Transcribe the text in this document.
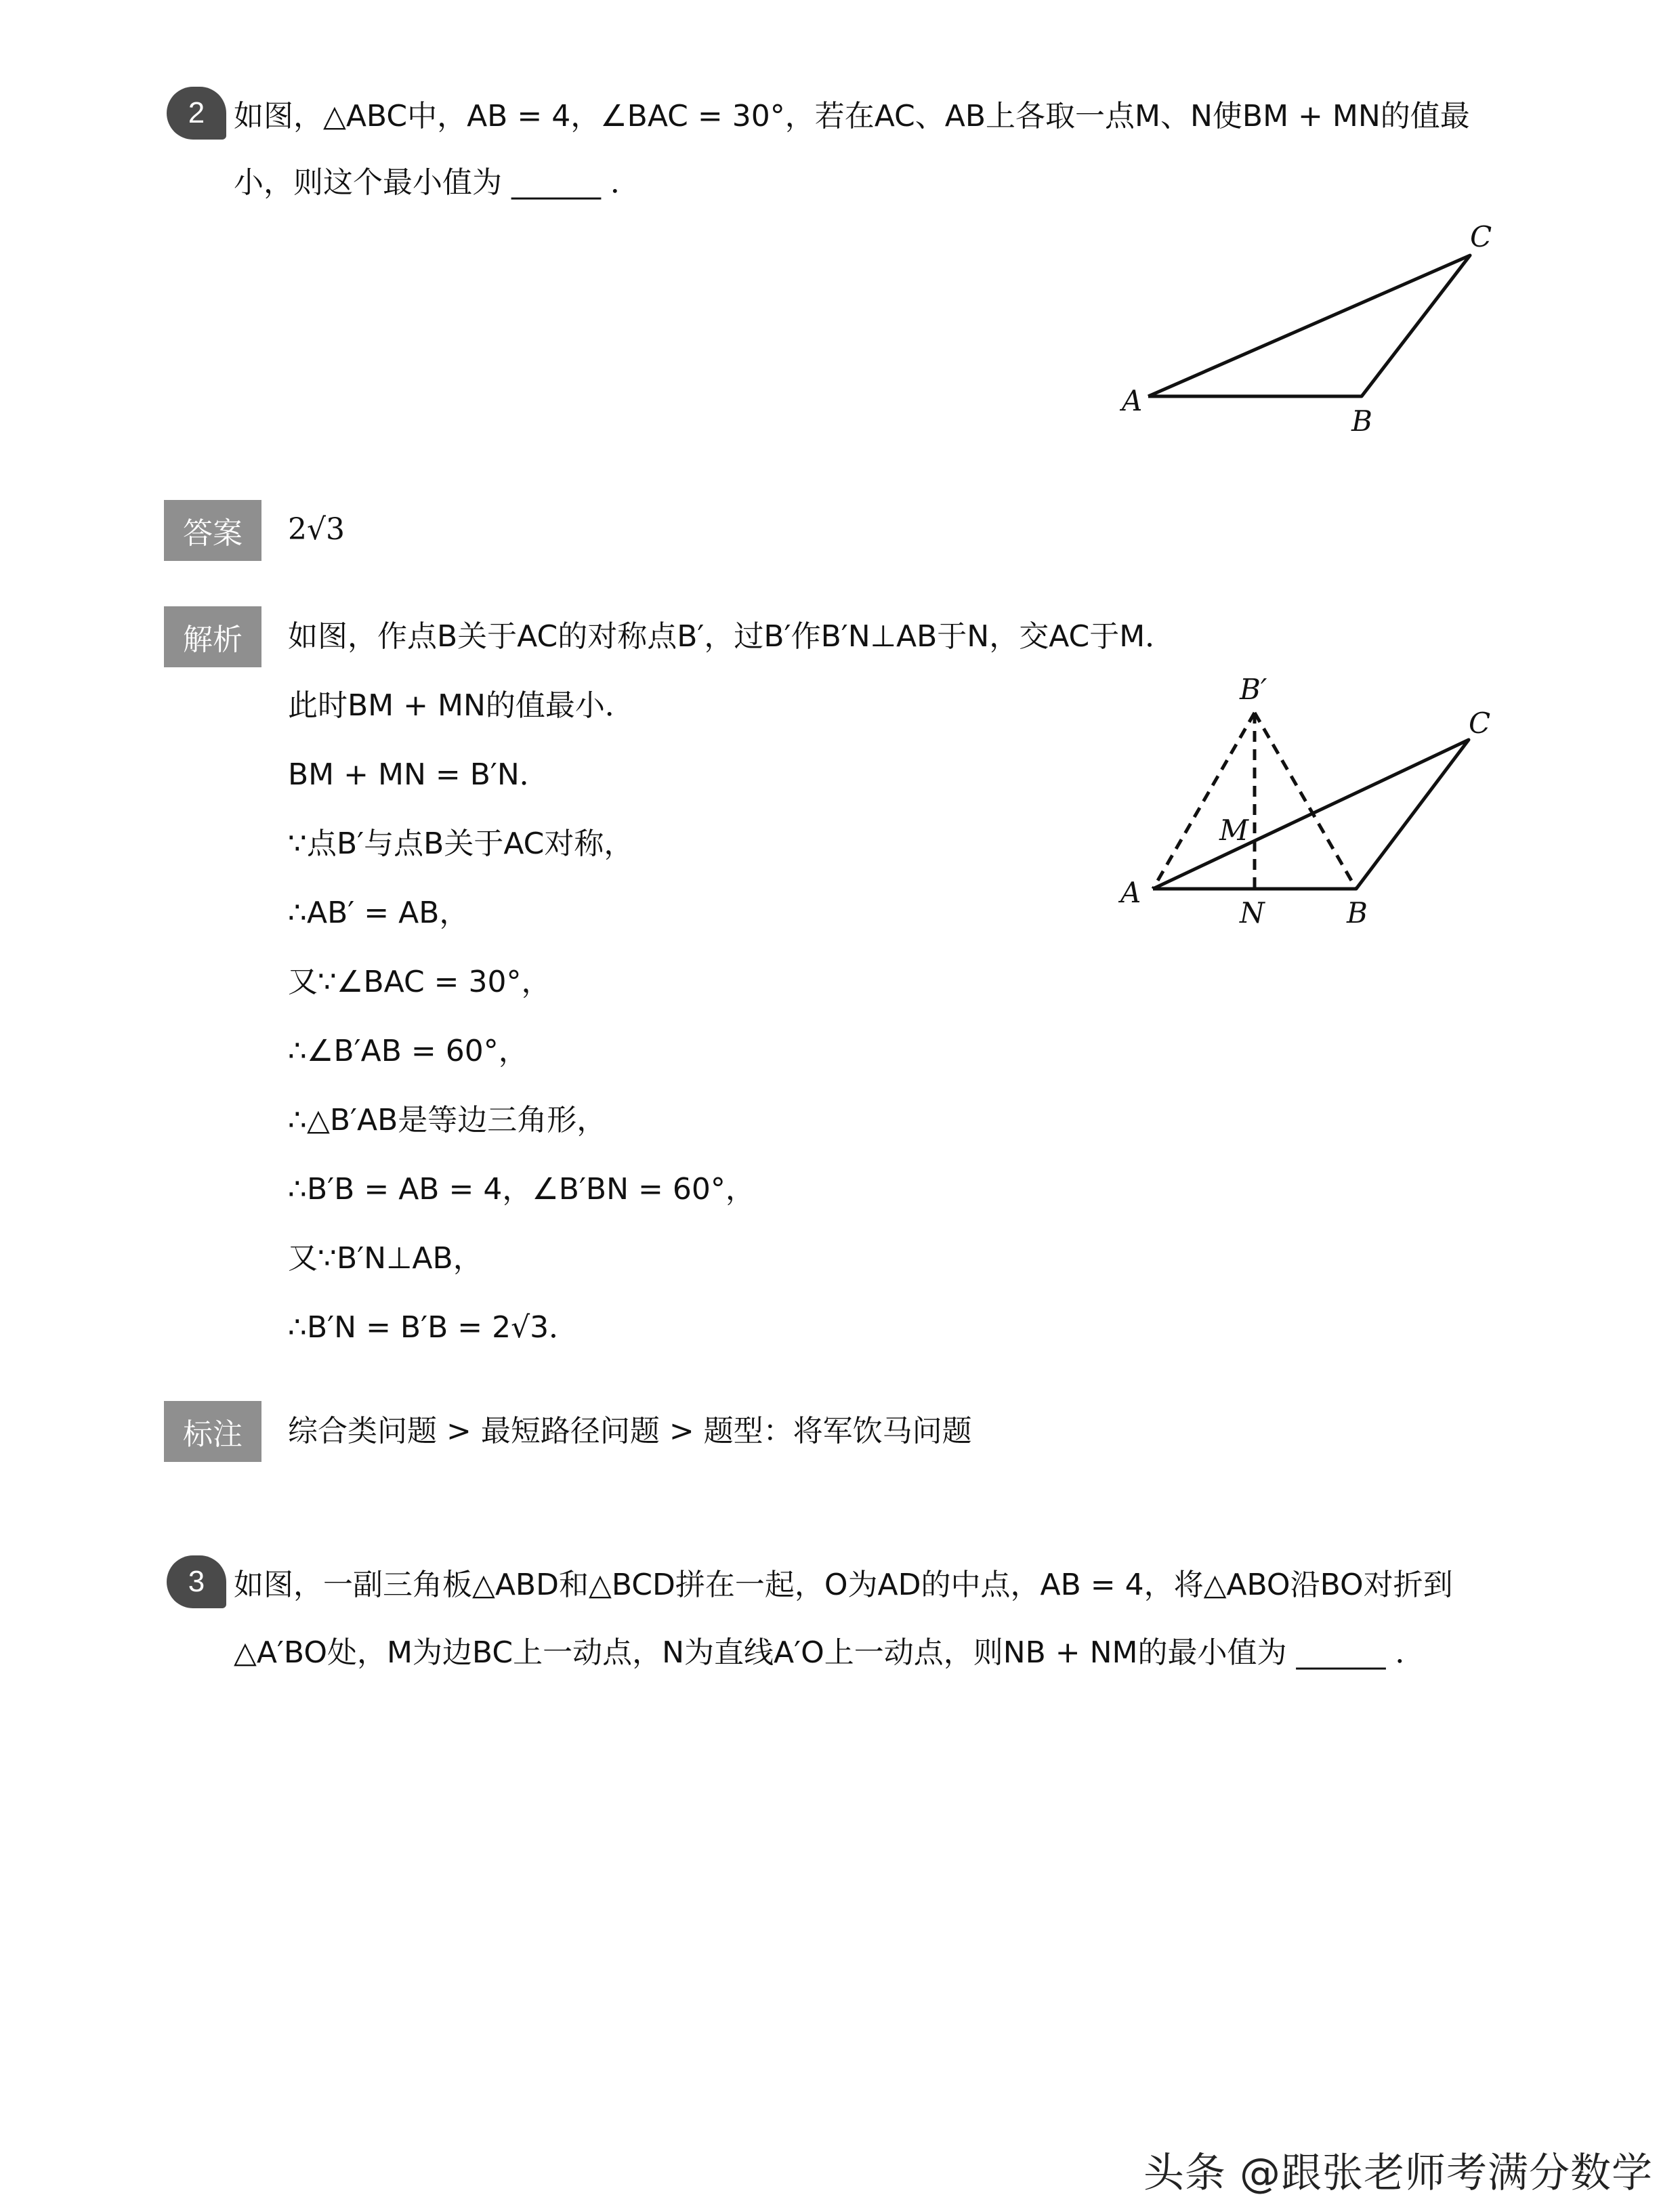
2 如图，△ABC中，AB = 4，∠BAC = 30°，若在AC、AB上各取一点M、N使BM + MN的值最
小，则这个最小值为 ______ ．
A
B
C
答案	2√3
解析	如图，作点B关于AC的对称点B′，过B′作B′N⊥AB于N，交AC于M．
此时BM + MN的值最小．
BM + MN = B′N．
∵点B′与点B关于AC对称，
∴AB′ = AB，
又∵∠BAC = 30°，
∴∠B′AB = 60°，
∴△B′AB是等边三角形，
∴B′B = AB = 4，∠B′BN = 60°，
又∵B′N⊥AB，
∴B′N = B′B = 2√3．
B′
C
M
A
N	B
标注	综合类问题 > 最短路径问题 > 题型：将军饮马问题
3 如图，一副三角板△ABD和△BCD拼在一起，O为AD的中点，AB = 4，将△ABO沿BO对折到
△A′BO处，M为边BC上一动点，N为直线A′O上一动点，则NB + NM的最小值为 ______ ．
头条 @跟张老师考满分数学
